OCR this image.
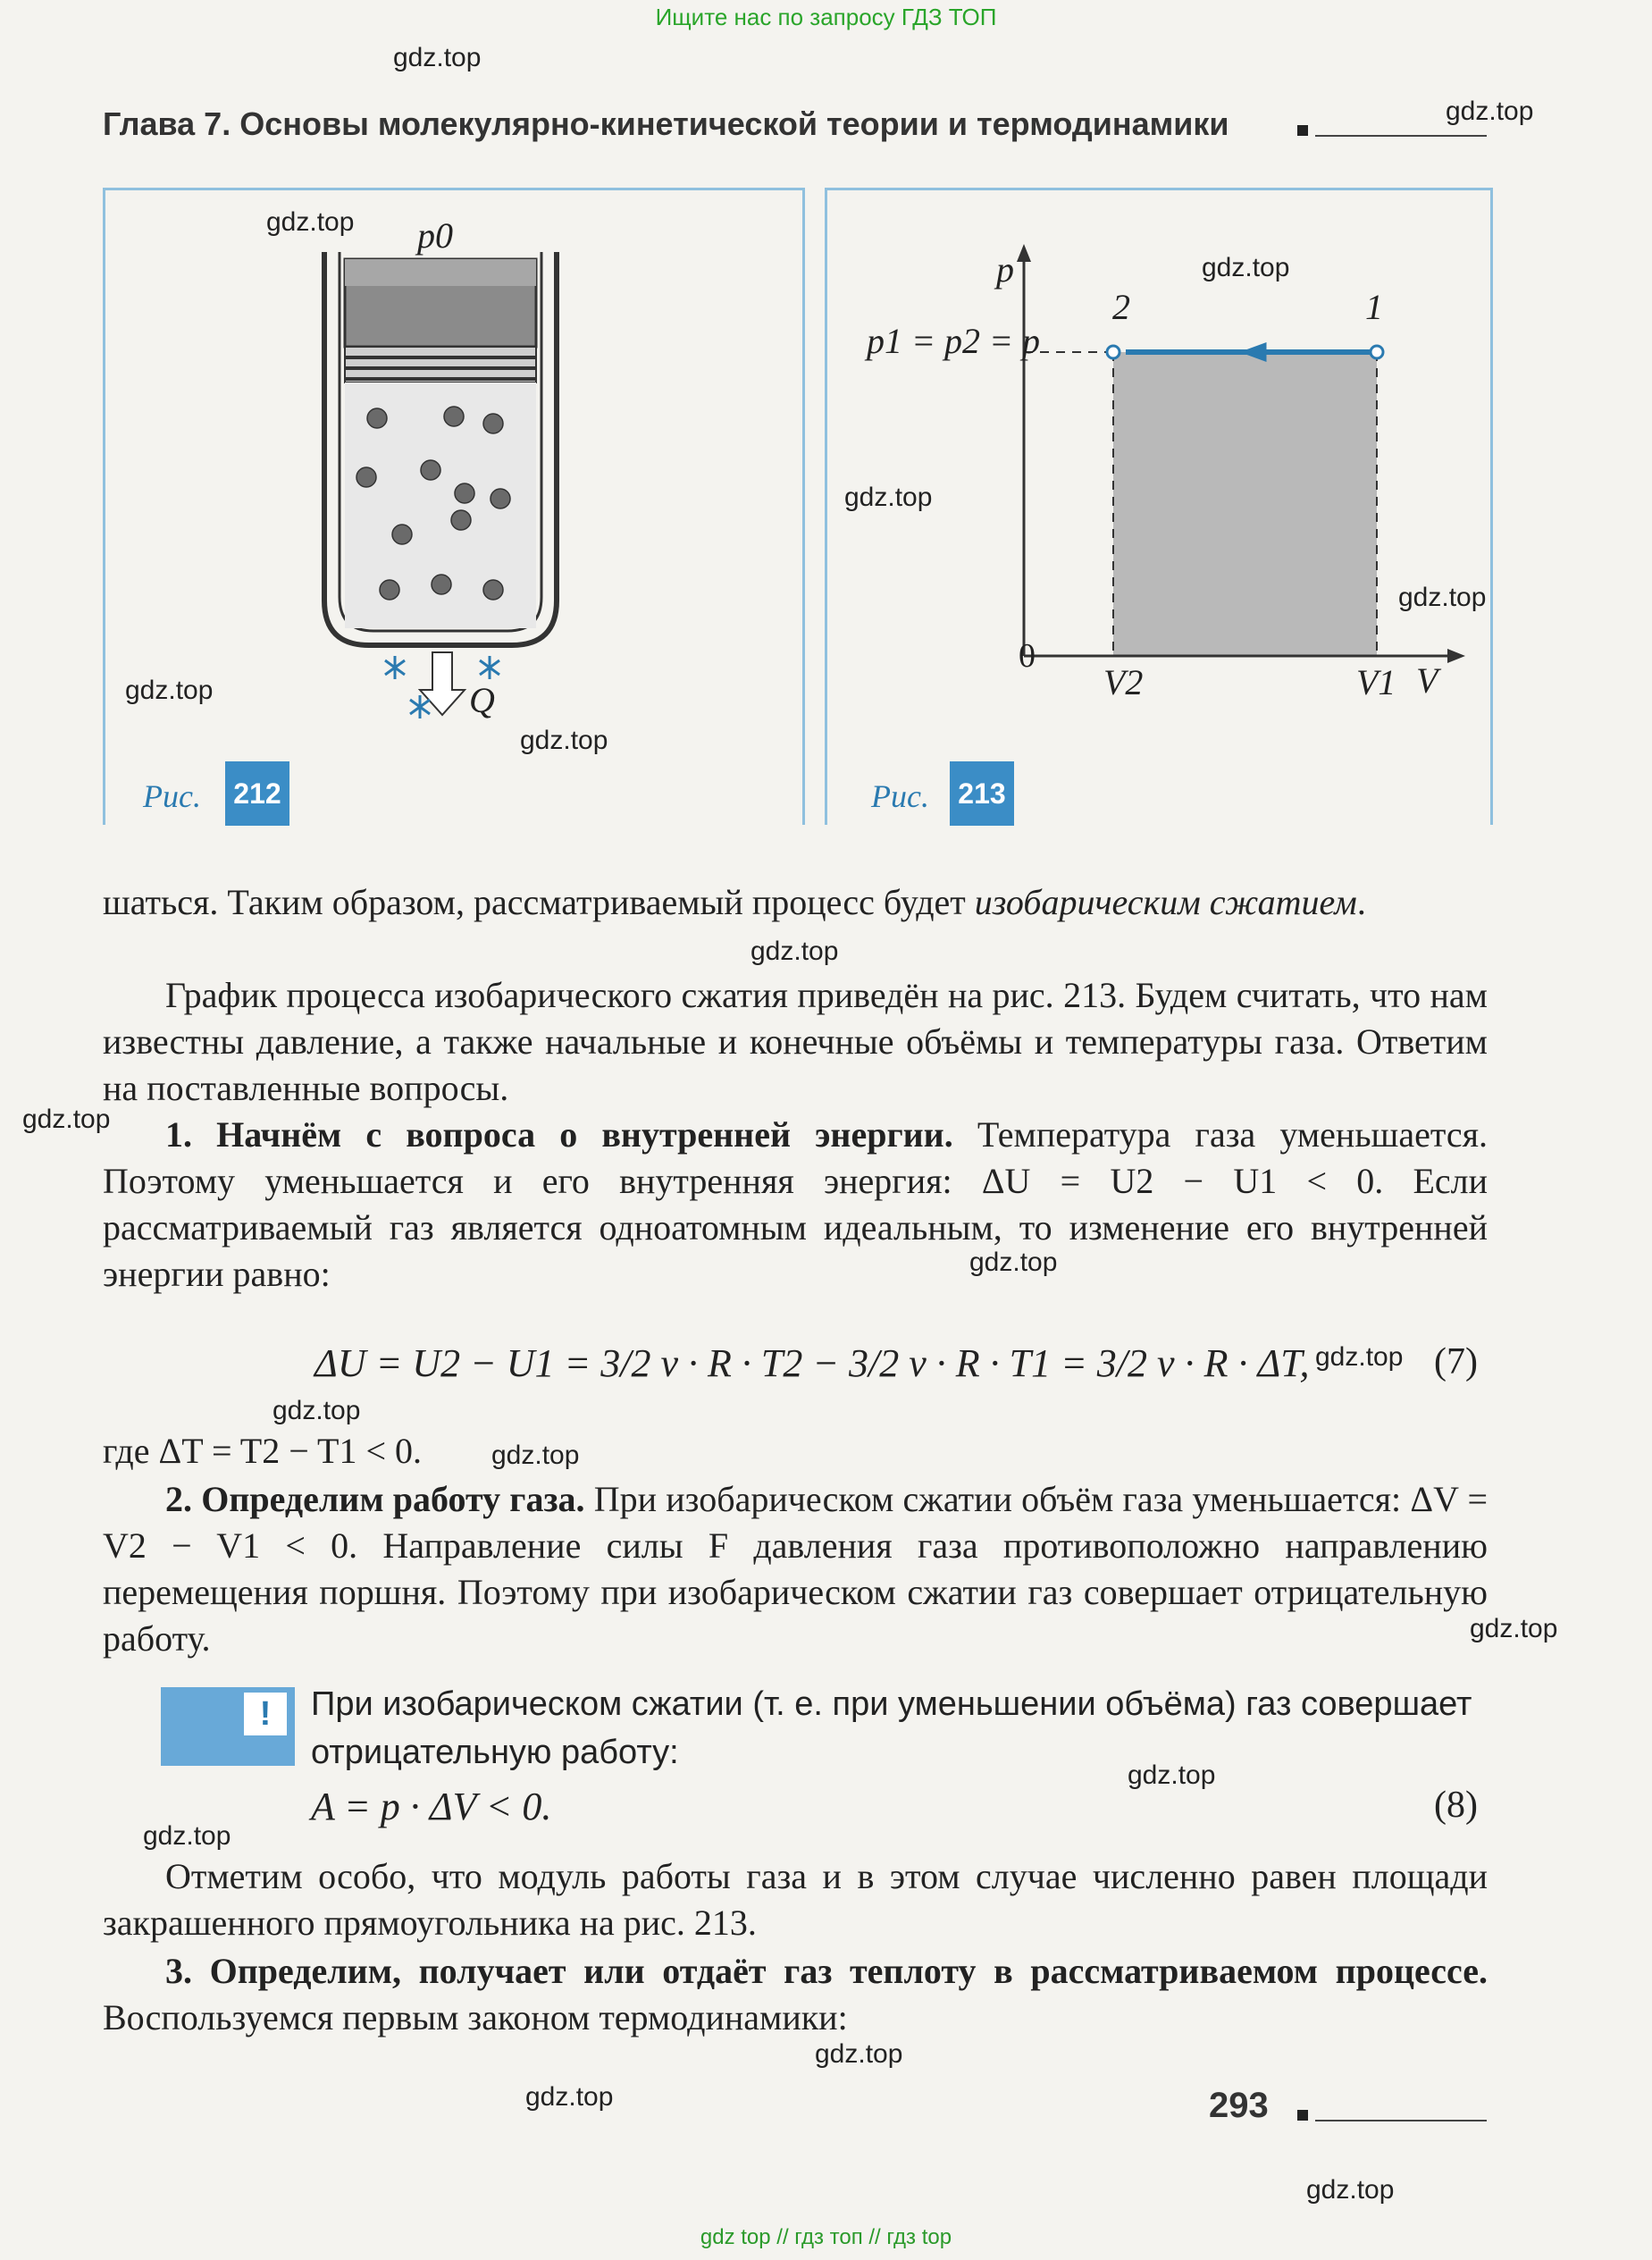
Ищите нас по запросу ГДЗ ТОП
gdz.top
gdz.top
gdz.top
gdz.top
gdz.top
gdz.top
gdz.top
gdz.top
gdz.top
gdz.top
gdz.top
gdz.top
gdz.top
gdz.top
gdz.top
gdz.top
gdz.top
gdz.top
gdz.top
gdz.top
Глава 7. Основы молекулярно-кинетической теории и термодинамики
p0
Q
Рис. 212
p
2	1
p1 = p2 = p
0
V2	V1 V
Рис. 213
шаться. Таким образом, рассматриваемый процесс будет изобарическим сжатием.
График процесса изобарического сжатия приведён на рис. 213. Будем считать, что нам известны давление, а также начальные и конечные объёмы и температуры газа. Ответим на поставленные вопросы.
1. Начнём с вопроса о внутренней энергии. Температура газа уменьшается. Поэтому уменьшается и его внутренняя энергия: ΔU = U2 − U1 < 0. Если рассматриваемый газ является одноатомным идеальным, то изменение его внутренней энергии равно:
ΔU = U2 − U1 = 3/2 ν · R · T2 − 3/2 ν · R · T1 = 3/2 ν · R · ΔT,	(7)
где ΔT = T2 − T1 < 0.
2. Определим работу газа. При изобарическом сжатии объём газа уменьшается: ΔV = V2 − V1 < 0. Направление силы F давления газа противоположно направлению перемещения поршня. Поэтому при изобарическом сжатии газ совершает отрицательную работу.
!	При изобарическом сжатии (т. е. при уменьшении объёма) газ совершает отрицательную работу:
A = p · ΔV < 0.	(8)
Отметим особо, что модуль работы газа и в этом случае численно равен площади закрашенного прямоугольника на рис. 213.
3. Определим, получает или отдаёт газ теплоту в рассматриваемом процессе. Воспользуемся первым законом термодинамики:
293
gdz top // гдз топ // гдз top
